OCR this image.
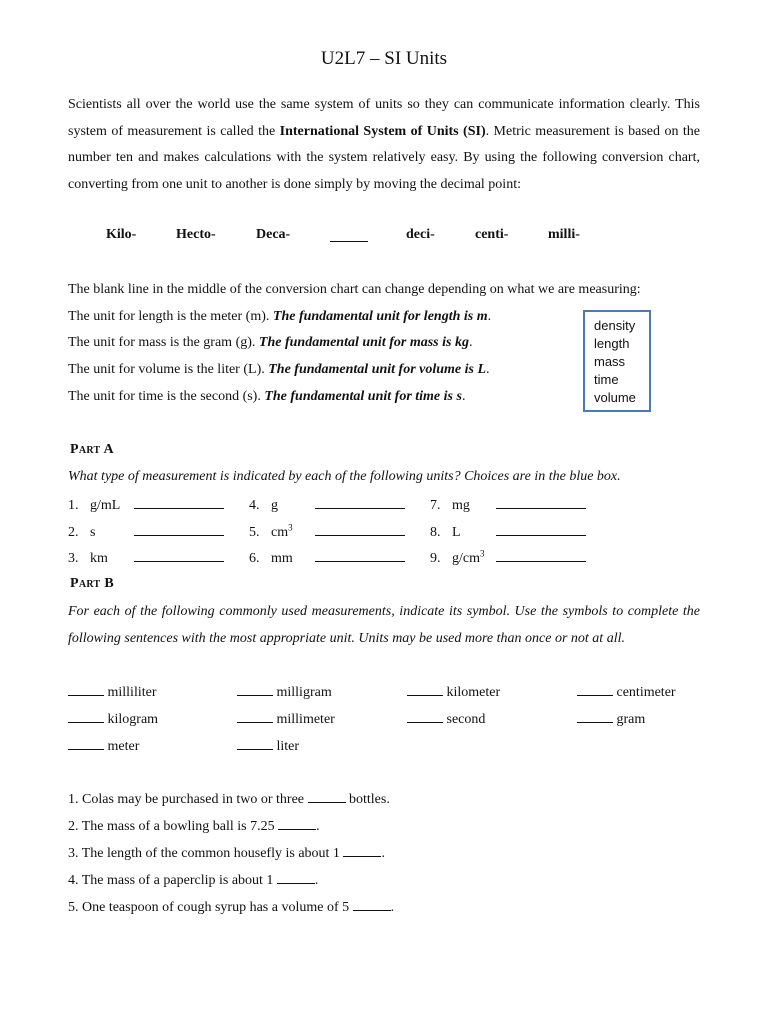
U2L7 – SI Units
Scientists all over the world use the same system of units so they can communicate information clearly. This system of measurement is called the International System of Units (SI). Metric measurement is based on the number ten and makes calculations with the system relatively easy. By using the following conversion chart, converting from one unit to another is done simply by moving the decimal point:
Kilo-	Hecto-	Deca-	deci-	centi-	milli-
The blank line in the middle of the conversion chart can change depending on what we are measuring:
The unit for length is the meter (m). The fundamental unit for length is m.
The unit for mass is the gram (g). The fundamental unit for mass is kg.
The unit for volume is the liter (L). The fundamental unit for volume is L.
The unit for time is the second (s). The fundamental unit for time is s.
density
length
mass
time
volume
Part A
What type of measurement is indicated by each of the following units? Choices are in the blue box.
1. g/mL	4. g	7. mg
2. s	5. $cm^3$	8. L
3. km	6. mm	9. $g/cm^3$
Part B
For each of the following commonly used measurements, indicate its symbol. Use the symbols to complete the following sentences with the most appropriate unit. Units may be used more than once or not at all.
milliliter	milligram	kilometer	centimeter
kilogram	millimeter	second	gram
meter	liter
1. Colas may be purchased in two or three	bottles.
2. The mass of a bowling ball is 7.25	.
3. The length of the common housefly is about 1	.
4. The mass of a paperclip is about 1	.
5. One teaspoon of cough syrup has a volume of 5	.
